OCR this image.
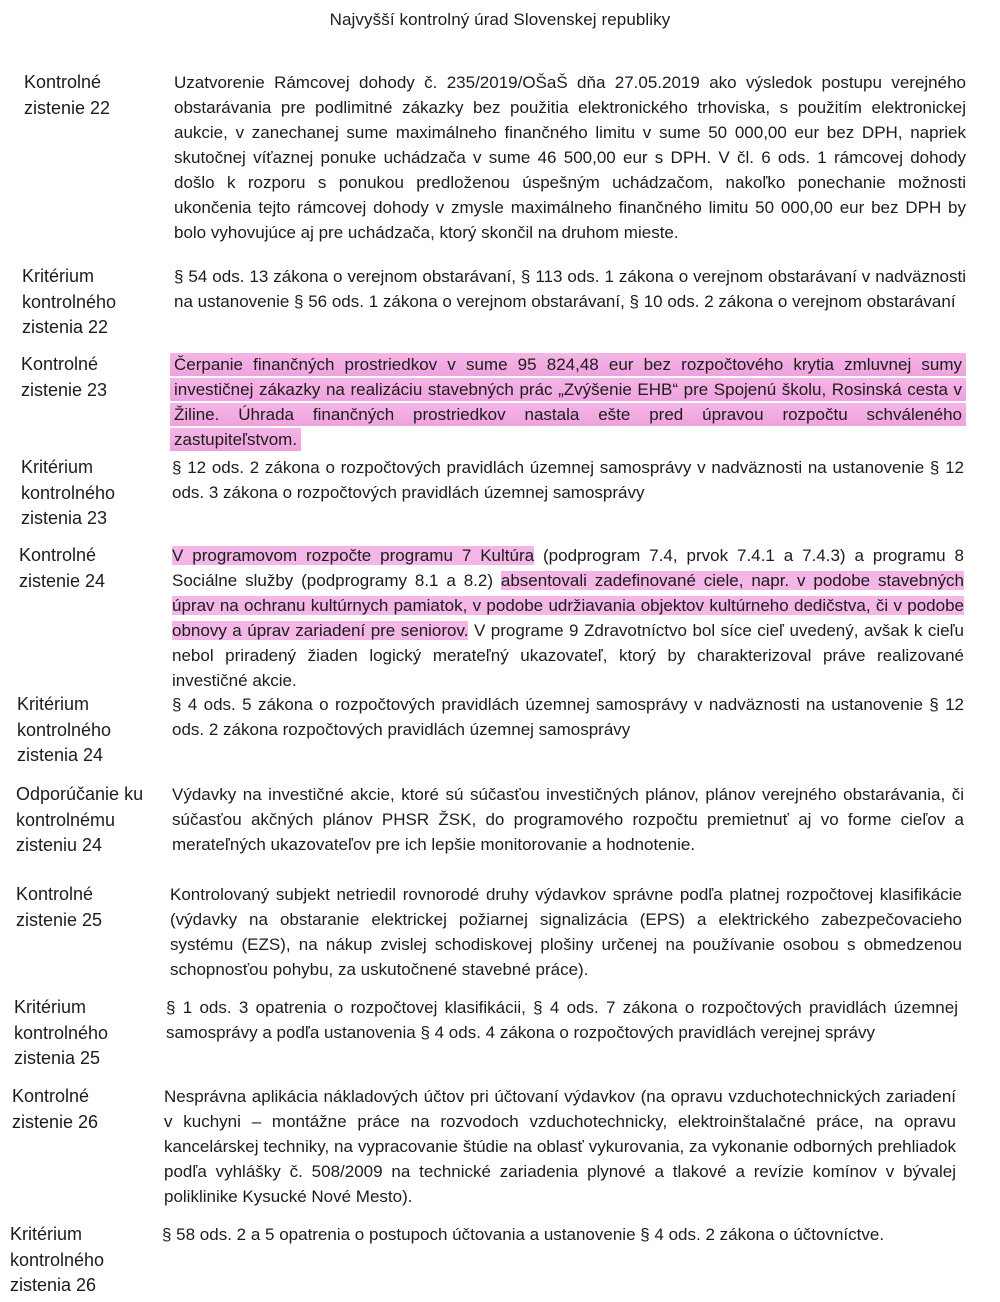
Najvyšší kontrolný úrad Slovenskej republiky
Kontrolné
zistenie 22
Uzatvorenie Rámcovej dohody č. 235/2019/OŠaŠ dňa 27.05.2019 ako výsledok postupu verejného obstarávania pre podlimitné zákazky bez použitia elektronického trhoviska, s použitím elektronickej aukcie, v zanechanej sume maximálneho finančného limitu v sume 50 000,00 eur bez DPH, napriek skutočnej víťaznej ponuke uchádzača v sume 46 500,00 eur s DPH. V čl. 6 ods. 1 rámcovej dohody došlo k rozporu s ponukou predloženou úspešným uchádzačom, nakoľko ponechanie možnosti ukončenia tejto rámcovej dohody v zmysle maximálneho finančného limitu 50 000,00 eur bez DPH by bolo vyhovujúce aj pre uchádzača, ktorý skončil na druhom mieste.
Kritérium
kontrolného
zistenia 22
§ 54 ods. 13 zákona o verejnom obstarávaní, § 113 ods. 1 zákona o verejnom obstarávaní v nadväznosti na ustanovenie § 56 ods. 1 zákona o verejnom obstarávaní, § 10 ods. 2 zákona o verejnom obstarávaní
Kontrolné
zistenie 23
Čerpanie finančných prostriedkov v sume 95 824,48 eur bez rozpočtového krytia zmluvnej sumy investičnej zákazky na realizáciu stavebných prác „Zvýšenie EHB“ pre Spojenú školu, Rosinská cesta v Žiline. Úhrada finančných prostriedkov nastala ešte pred úpravou rozpočtu schváleného zastupiteľstvom.
Kritérium
kontrolného
zistenia 23
§ 12 ods. 2 zákona o rozpočtových pravidlách územnej samosprávy v nadväznosti na ustanovenie § 12 ods. 3 zákona o rozpočtových pravidlách územnej samosprávy
Kontrolné
zistenie 24
V programovom rozpočte programu 7 Kultúra (podprogram 7.4, prvok 7.4.1 a 7.4.3) a programu 8 Sociálne služby (podprogramy 8.1 a 8.2) absentovali zadefinované ciele, napr. v podobe stavebných úprav na ochranu kultúrnych pamiatok, v podobe udržiavania objektov kultúrneho dedičstva, či v podobe obnovy a úprav zariadení pre seniorov. V programe 9 Zdravotníctvo bol síce cieľ uvedený, avšak k cieľu nebol priradený žiaden logický merateľný ukazovateľ, ktorý by charakterizoval práve realizované investičné akcie.
Kritérium
kontrolného
zistenia 24
§ 4 ods. 5 zákona o rozpočtových pravidlách územnej samosprávy v nadväznosti na ustanovenie § 12 ods. 2 zákona rozpočtových pravidlách územnej samosprávy
Odporúčanie ku
kontrolnému
zisteniu 24
Výdavky na investičné akcie, ktoré sú súčasťou investičných plánov, plánov verejného obstarávania, či súčasťou akčných plánov PHSR ŽSK, do programového rozpočtu premietnuť aj vo forme cieľov a merateľných ukazovateľov pre ich lepšie monitorovanie a hodnotenie.
Kontrolné
zistenie 25
Kontrolovaný subjekt netriedil rovnorodé druhy výdavkov správne podľa platnej rozpočtovej klasifikácie (výdavky na obstaranie elektrickej požiarnej signalizácia (EPS) a elektrického zabezpečovacieho systému (EZS), na nákup zvislej schodiskovej plošiny určenej na používanie osobou s obmedzenou schopnosťou pohybu, za uskutočnené stavebné práce).
Kritérium
kontrolného
zistenia 25
§ 1 ods. 3 opatrenia o rozpočtovej klasifikácii, § 4 ods. 7 zákona o rozpočtových pravidlách územnej samosprávy a podľa ustanovenia § 4 ods. 4 zákona o rozpočtových pravidlách verejnej správy
Kontrolné
zistenie 26
Nesprávna aplikácia nákladových účtov pri účtovaní výdavkov (na opravu vzduchotechnických zariadení v kuchyni – montážne práce na rozvodoch vzduchotechnicky, elektroinštalačné práce, na opravu kancelárskej techniky, na vypracovanie štúdie na oblasť vykurovania, za vykonanie odborných prehliadok podľa vyhlášky č. 508/2009 na technické zariadenia plynové a tlakové a revízie komínov v bývalej poliklinike Kysucké Nové Mesto).
Kritérium
kontrolného
zistenia 26
§ 58 ods. 2 a 5 opatrenia o postupoch účtovania a ustanovenie § 4 ods. 2 zákona o účtovníctve.
